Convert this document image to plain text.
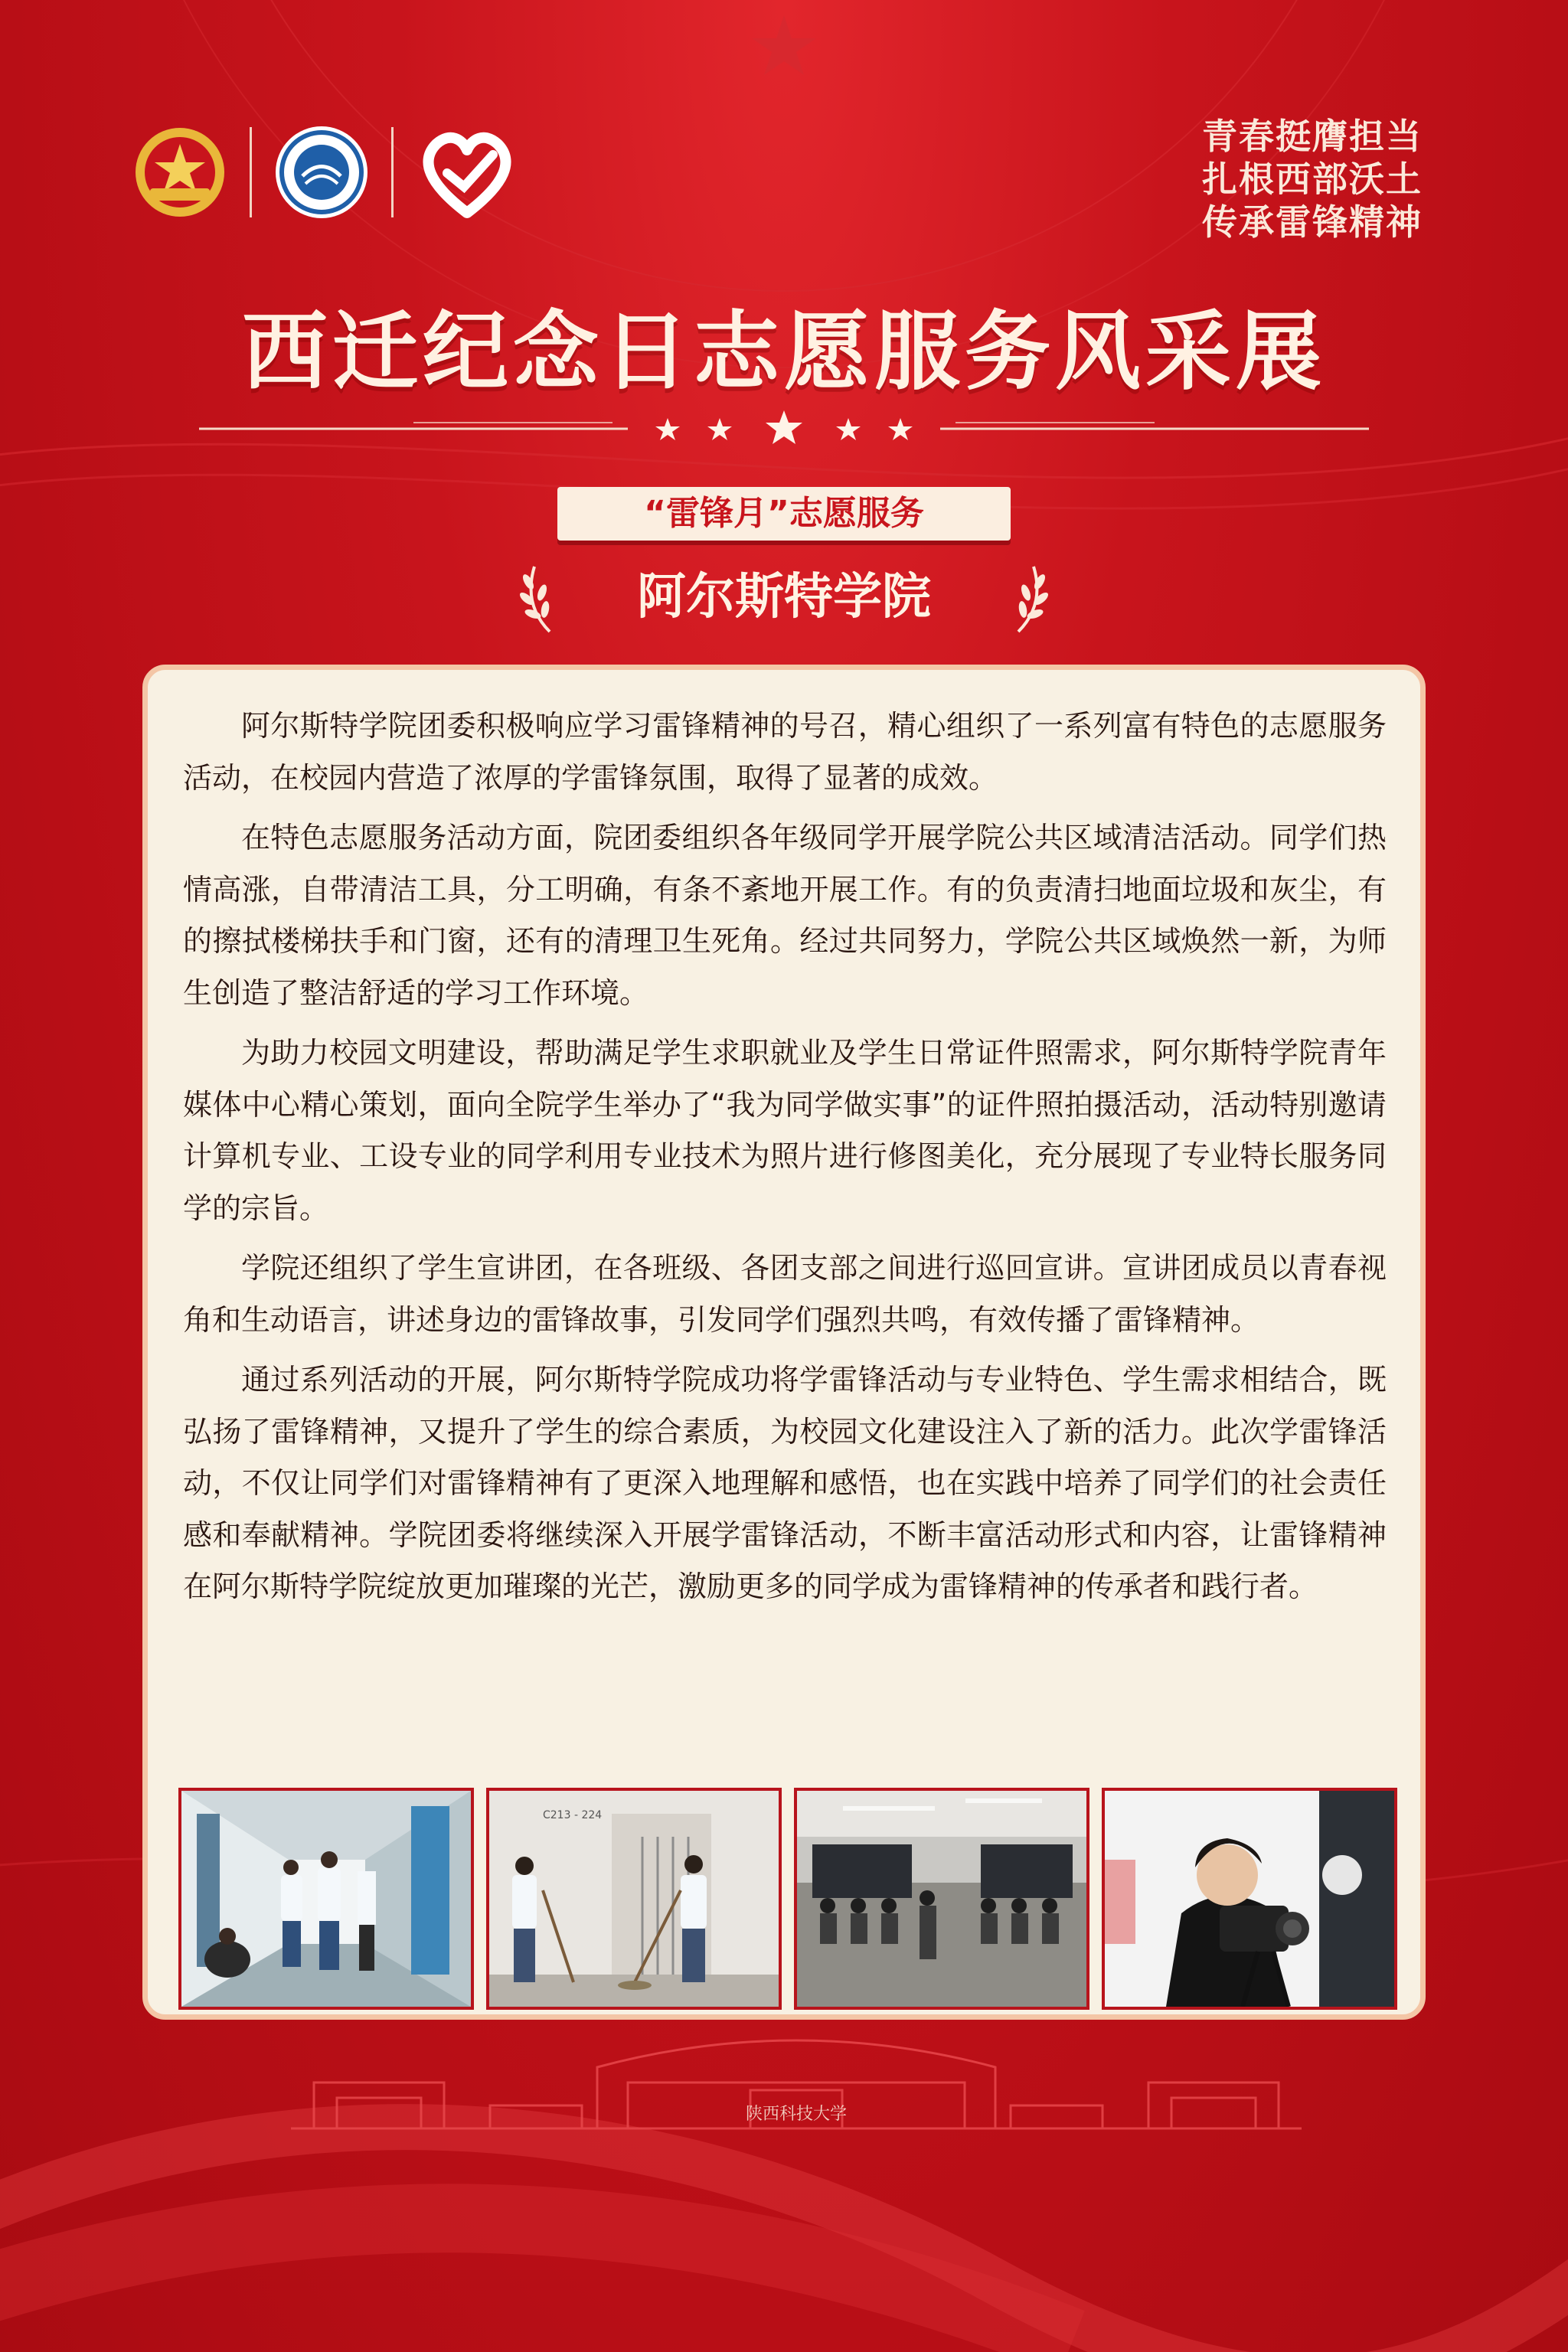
青春挺膺担当
扎根西部沃土
传承雷锋精神
西迁纪念日志愿服务风采展
“雷锋月”志愿服务
阿尔斯特学院

阿尔斯特学院团委积极响应学习雷锋精神的号召，精心组织了一系列富有特色的志愿服务活动，在校园内营造了浓厚的学雷锋氛围，取得了显著的成效。

在特色志愿服务活动方面，院团委组织各年级同学开展学院公共区域清洁活动。同学们热情高涨，自带清洁工具，分工明确，有条不紊地开展工作。有的负责清扫地面垃圾和灰尘，有的擦拭楼梯扶手和门窗，还有的清理卫生死角。经过共同努力，学院公共区域焕然一新，为师生创造了整洁舒适的学习工作环境。

为助力校园文明建设，帮助满足学生求职就业及学生日常证件照需求，阿尔斯特学院青年媒体中心精心策划，面向全院学生举办了“我为同学做实事”的证件照拍摄活动，活动特别邀请计算机专业、工设专业的同学利用专业技术为照片进行修图美化，充分展现了专业特长服务同学的宗旨。

学院还组织了学生宣讲团，在各班级、各团支部之间进行巡回宣讲。宣讲团成员以青春视角和生动语言，讲述身边的雷锋故事，引发同学们强烈共鸣，有效传播了雷锋精神。

通过系列活动的开展，阿尔斯特学院成功将学雷锋活动与专业特色、学生需求相结合，既弘扬了雷锋精神，又提升了学生的综合素质，为校园文化建设注入了新的活力。此次学雷锋活动，不仅让同学们对雷锋精神有了更深入地理解和感悟，也在实践中培养了同学们的社会责任感和奉献精神。学院团委将继续深入开展学雷锋活动，不断丰富活动形式和内容，让雷锋精神在阿尔斯特学院绽放更加璀璨的光芒，激励更多的同学成为雷锋精神的传承者和践行者。

C213 - 224
陕西科技大学
